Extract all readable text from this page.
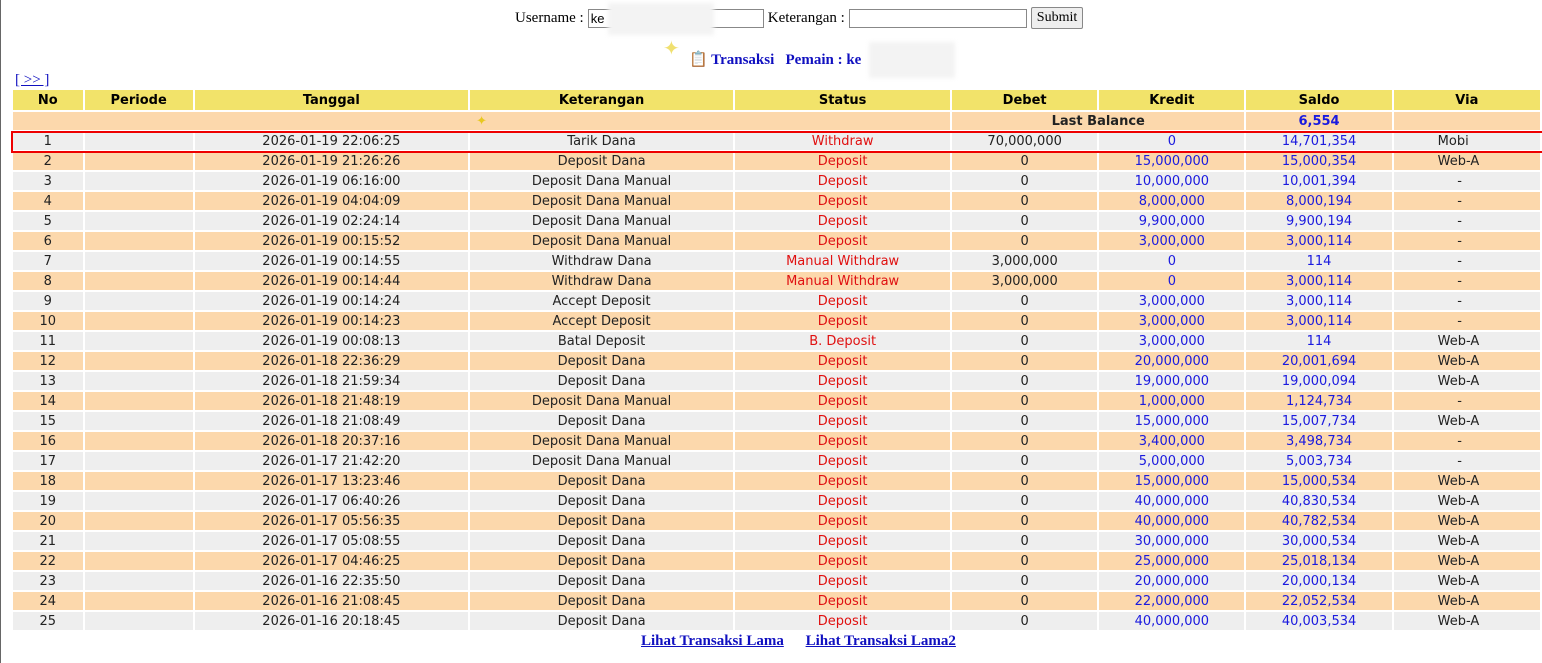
Username :
ke	Keterangan :	Submit
✦ 📋 Transaksi Pemain : ke
[ >> ]
No	Periode	Tanggal	Keterangan	Status	Debet	Kredit	Saldo	Via
✦					Last Balance		6,554	
1		2026-01-19 22:06:25	Tarik Dana	Withdraw	70,000,000	0	14,701,354	Mobi
2		2026-01-19 21:26:26	Deposit Dana	Deposit	0	15,000,000	15,000,354	Web-A
3		2026-01-19 06:16:00	Deposit Dana Manual	Deposit	0	10,000,000	10,001,394	-
4		2026-01-19 04:04:09	Deposit Dana Manual	Deposit	0	8,000,000	8,000,194	-
5		2026-01-19 02:24:14	Deposit Dana Manual	Deposit	0	9,900,000	9,900,194	-
6		2026-01-19 00:15:52	Deposit Dana Manual	Deposit	0	3,000,000	3,000,114	-
7		2026-01-19 00:14:55	Withdraw Dana	Manual Withdraw	3,000,000	0	114	-
8		2026-01-19 00:14:44	Withdraw Dana	Manual Withdraw	3,000,000	0	3,000,114	-
9		2026-01-19 00:14:24	Accept Deposit	Deposit	0	3,000,000	3,000,114	-
10		2026-01-19 00:14:23	Accept Deposit	Deposit	0	3,000,000	3,000,114	-
11		2026-01-19 00:08:13	Batal Deposit	B. Deposit	0	3,000,000	114	Web-A
12		2026-01-18 22:36:29	Deposit Dana	Deposit	0	20,000,000	20,001,694	Web-A
13		2026-01-18 21:59:34	Deposit Dana	Deposit	0	19,000,000	19,000,094	Web-A
14		2026-01-18 21:48:19	Deposit Dana Manual	Deposit	0	1,000,000	1,124,734	-
15		2026-01-18 21:08:49	Deposit Dana	Deposit	0	15,000,000	15,007,734	Web-A
16		2026-01-18 20:37:16	Deposit Dana Manual	Deposit	0	3,400,000	3,498,734	-
17		2026-01-17 21:42:20	Deposit Dana Manual	Deposit	0	5,000,000	5,003,734	-
18		2026-01-17 13:23:46	Deposit Dana	Deposit	0	15,000,000	15,000,534	Web-A
19		2026-01-17 06:40:26	Deposit Dana	Deposit	0	40,000,000	40,830,534	Web-A
20		2026-01-17 05:56:35	Deposit Dana	Deposit	0	40,000,000	40,782,534	Web-A
21		2026-01-17 05:08:55	Deposit Dana	Deposit	0	30,000,000	30,000,534	Web-A
22		2026-01-17 04:46:25	Deposit Dana	Deposit	0	25,000,000	25,018,134	Web-A
23		2026-01-16 22:35:50	Deposit Dana	Deposit	0	20,000,000	20,000,134	Web-A
24		2026-01-16 21:08:45	Deposit Dana	Deposit	0	22,000,000	22,052,534	Web-A
25		2026-01-16 20:18:45	Deposit Dana	Deposit	0	40,000,000	40,003,534	Web-A
Lihat Transaksi Lama Lihat Transaksi Lama2
